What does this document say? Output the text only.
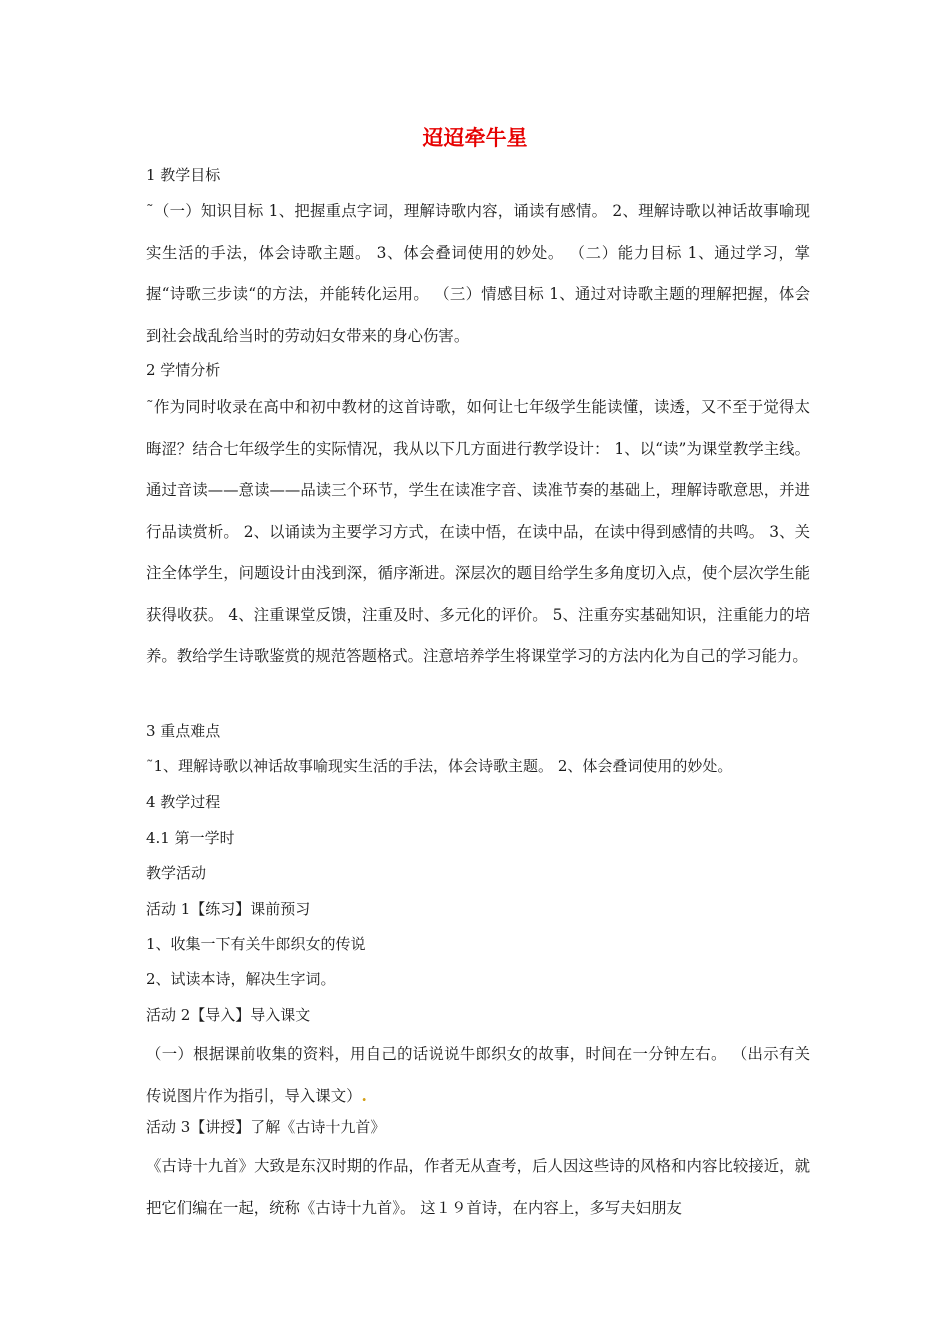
迢迢牵牛星
1 教学目标
˜（一）知识目标 1、把握重点字词，理解诗歌内容，诵读有感情。 2、理解诗歌以神话故事喻现实生活的手法，体会诗歌主题。 3、体会叠词使用的妙处。 （二）能力目标 1、通过学习，掌握“诗歌三步读“的方法，并能转化运用。 （三）情感目标 1、通过对诗歌主题的理解把握，体会到社会战乱给当时的劳动妇女带来的身心伤害。
2 学情分析
˜作为同时收录在高中和初中教材的这首诗歌，如何让七年级学生能读懂，读透，又不至于觉得太晦涩？结合七年级学生的实际情况，我从以下几方面进行教学设计： 1、以“读”为课堂教学主线。通过音读——意读——品读三个环节，学生在读准字音、读准节奏的基础上，理解诗歌意思，并进行品读赏析。 2、以诵读为主要学习方式，在读中悟，在读中品，在读中得到感情的共鸣。 3、关注全体学生，问题设计由浅到深，循序渐进。深层次的题目给学生多角度切入点，使个层次学生能获得收获。 4、注重课堂反馈，注重及时、多元化的评价。 5、注重夯实基础知识，注重能力的培养。教给学生诗歌鉴赏的规范答题格式。注意培养学生将课堂学习的方法内化为自己的学习能力。
3 重点难点
˜1、理解诗歌以神话故事喻现实生活的手法，体会诗歌主题。 2、体会叠词使用的妙处。
4 教学过程
4.1 第一学时
教学活动
活动 1【练习】课前预习
1、收集一下有关牛郎织女的传说
2、试读本诗，解决生字词。
活动 2【导入】导入课文
（一）根据课前收集的资料，用自己的话说说牛郎织女的故事，时间在一分钟左右。 （出示有关传说图片作为指引，导入课文）.
活动 3【讲授】了解《古诗十九首》
《古诗十九首》大致是东汉时期的作品，作者无从查考，后人因这些诗的风格和内容比较接近，就把它们编在一起，统称《古诗十九首》。 这１９首诗，在内容上，多写夫妇朋友
